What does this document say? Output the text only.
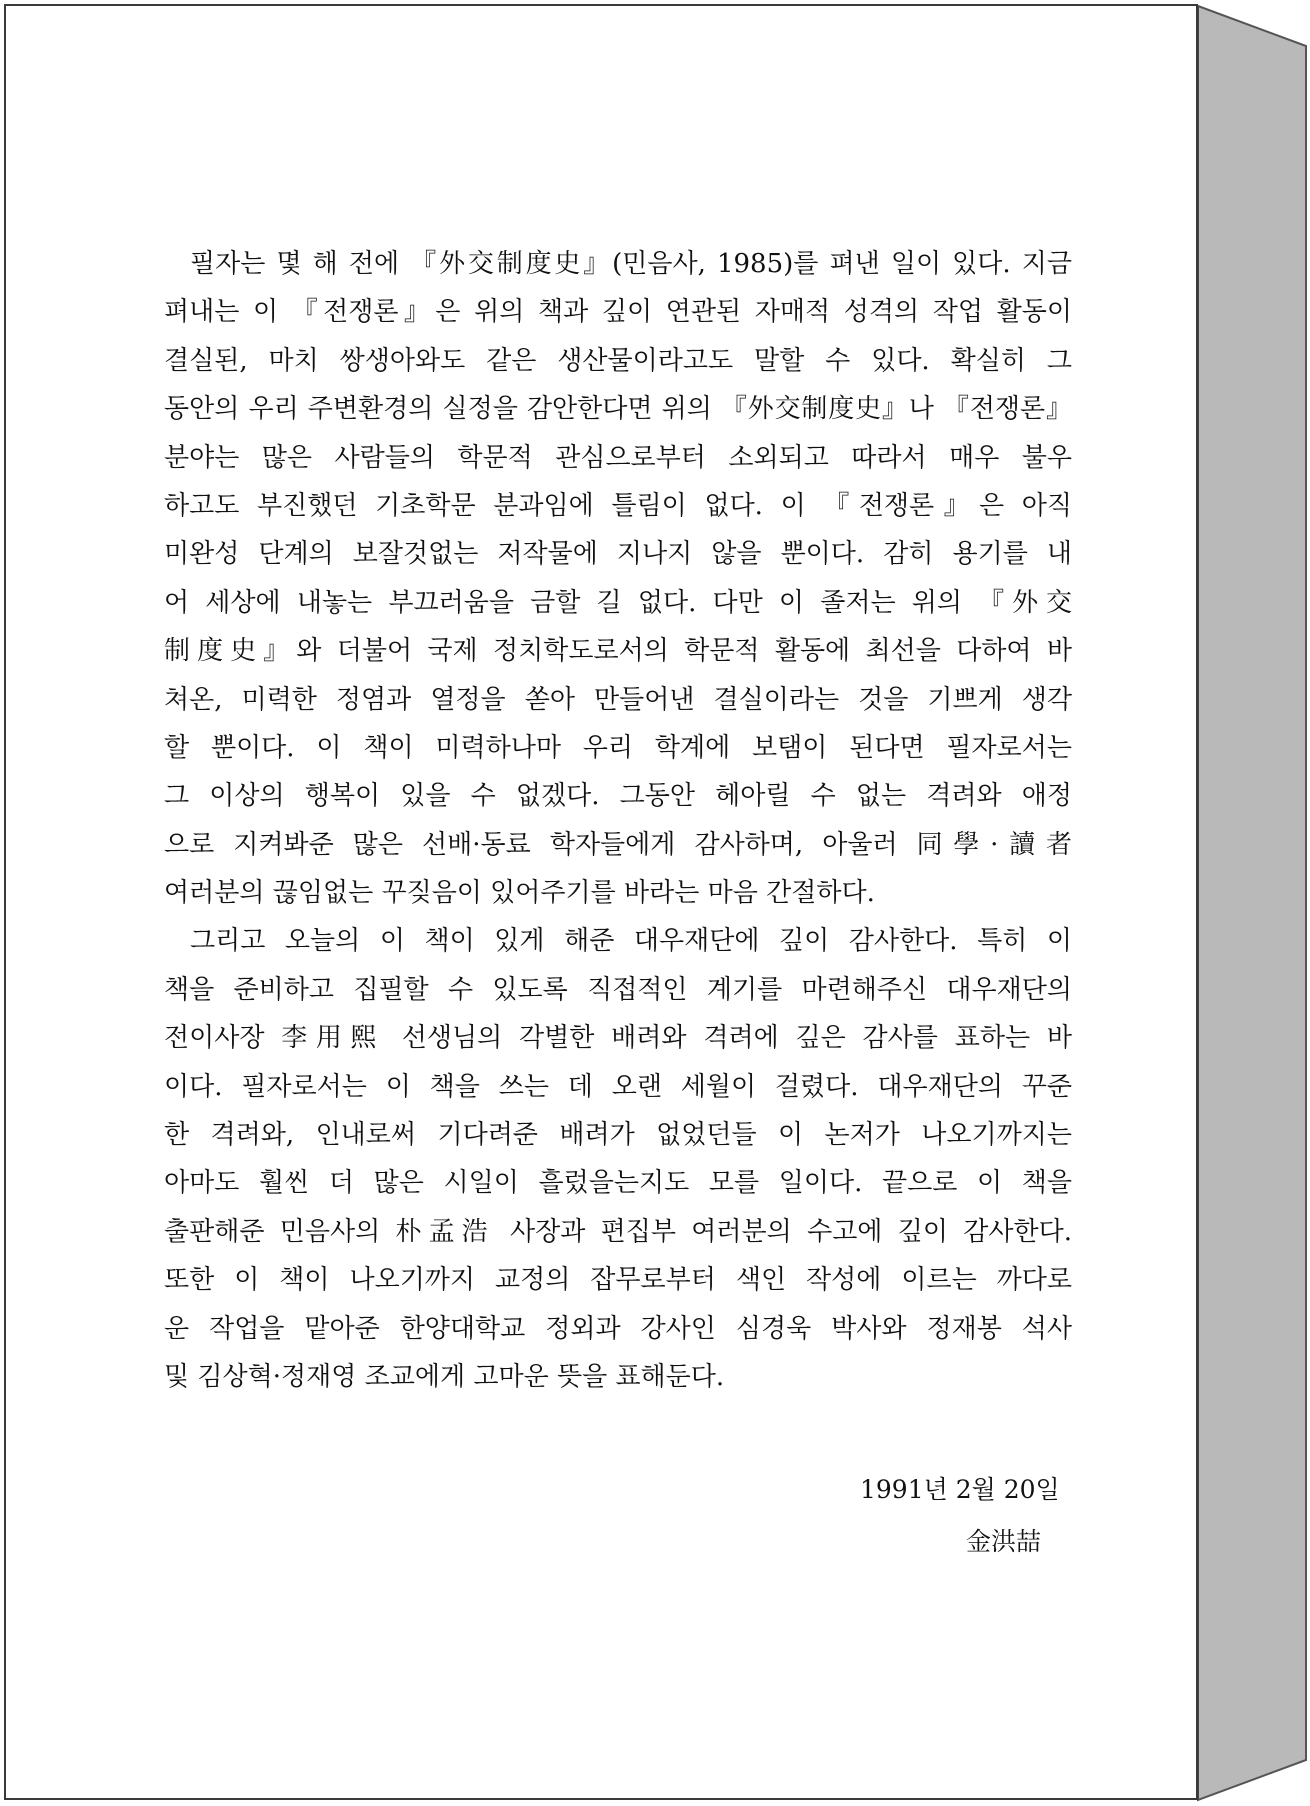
필자는 몇 해 전에 『外交制度史』(민음사, 1985)를 펴낸 일이 있다. 지금
펴내는 이 『전쟁론』은 위의 책과 깊이 연관된 자매적 성격의 작업 활동이
결실된, 마치 쌍생아와도 같은 생산물이라고도 말할 수 있다. 확실히 그
동안의 우리 주변환경의 실정을 감안한다면 위의 『外交制度史』나 『전쟁론』
분야는 많은 사람들의 학문적 관심으로부터 소외되고 따라서 매우 불우
하고도 부진했던 기초학문 분과임에 틀림이 없다. 이 『전쟁론』은 아직
미완성 단계의 보잘것없는 저작물에 지나지 않을 뿐이다. 감히 용기를 내
어 세상에 내놓는 부끄러움을 금할 길 없다. 다만 이 졸저는 위의 『外交
制度史』와 더불어 국제 정치학도로서의 학문적 활동에 최선을 다하여 바
쳐온, 미력한 정염과 열정을 쏟아 만들어낸 결실이라는 것을 기쁘게 생각
할 뿐이다. 이 책이 미력하나마 우리 학계에 보탬이 된다면 필자로서는
그 이상의 행복이 있을 수 없겠다. 그동안 헤아릴 수 없는 격려와 애정
으로 지켜봐준 많은 선배·동료 학자들에게 감사하며, 아울러 同學·讀者
여러분의 끊임없는 꾸짖음이 있어주기를 바라는 마음 간절하다.
그리고 오늘의 이 책이 있게 해준 대우재단에 깊이 감사한다. 특히 이
책을 준비하고 집필할 수 있도록 직접적인 계기를 마련해주신 대우재단의
전이사장 李用熙 선생님의 각별한 배려와 격려에 깊은 감사를 표하는 바
이다. 필자로서는 이 책을 쓰는 데 오랜 세월이 걸렸다. 대우재단의 꾸준
한 격려와, 인내로써 기다려준 배려가 없었던들 이 논저가 나오기까지는
아마도 훨씬 더 많은 시일이 흘렀을는지도 모를 일이다. 끝으로 이 책을
출판해준 민음사의 朴孟浩 사장과 편집부 여러분의 수고에 깊이 감사한다.
또한 이 책이 나오기까지 교정의 잡무로부터 색인 작성에 이르는 까다로
운 작업을 맡아준 한양대학교 정외과 강사인 심경욱 박사와 정재봉 석사
및 김상혁·정재영 조교에게 고마운 뜻을 표해둔다.
1991년 2월 20일
金洪喆
